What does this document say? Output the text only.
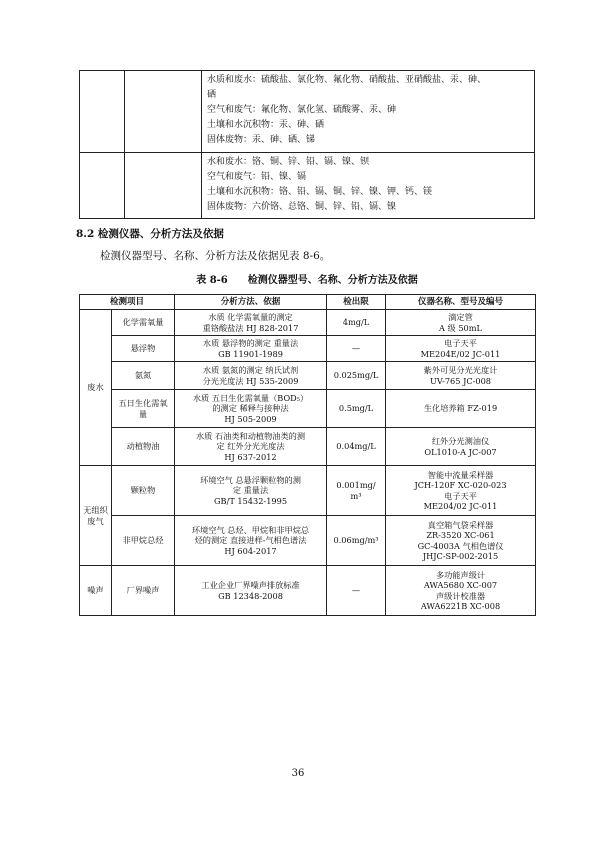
		水质和废水：硫酸盐、氯化物、氟化物、硝酸盐、亚硝酸盐、汞、砷、
硒
空气和废气：氟化物、氯化氢、硫酸雾、汞、砷
土壤和水沉积物：汞、砷、硒
固体废物：汞、砷、硒、锑

		水和废水：铬、铜、锌、铅、镉、镍、钡
空气和废气：铅、镍、镉
土壤和水沉积物：铬、铅、镉、铜、锌、镍、钾、钙、镁
固体废物：六价铬、总铬、铜、锌、铅、镉、镍
8.2 检测仪器、分析方法及依据
检测仪器型号、名称、分析方法及依据见表 8-6。
表 8-6 检测仪器型号、名称、分析方法及依据
检测项目		分析方法、依据	检出限	仪器名称、型号及编号
废水	化学需氧量	水质 化学需氧量的测定
重铬酸盐法 HJ 828-2017	4mg/L	滴定管
A 级 50mL

	悬浮物	水质 悬浮物的测定 重量法
GB 11901-1989	—	电子天平
ME204E/02 JC-011

	氨氮	水质 氨氮的测定 纳氏试剂
分光光度法 HJ 535-2009	0.025mg/L	紫外可见分光光度计
UV-765 JC-008

	五日生化需氧
量	水质 五日生化需氧量（BOD₅）
的测定 稀释与接种法
HJ 505-2009	0.5mg/L	生化培养箱 FZ-019

	动植物油	水质 石油类和动植物油类的测
定 红外分光光度法
HJ 637-2012	0.04mg/L	红外分光测油仪
OL1010-A JC-007

无组织
废气	颗粒物	环境空气 总悬浮颗粒物的测
定 重量法
GB/T 15432-1995	0.001mg/
m³	智能中流量采样器
JCH-120F XC-020-023
电子天平
ME204/02 JC-011

	非甲烷总烃	环境空气 总烃、甲烷和非甲烷总
烃的测定 直接进样-气相色谱法
HJ 604-2017	0.06mg/m³	真空箱气袋采样器
ZR-3520 XC-061
GC-4003A 气相色谱仪
JHJC-SP-002-2015

噪声	厂界噪声	工业企业厂界噪声排放标准
GB 12348-2008	—	多功能声级计
AWA5680 XC-007
声级计校准器
AWA6221B XC-008
36
